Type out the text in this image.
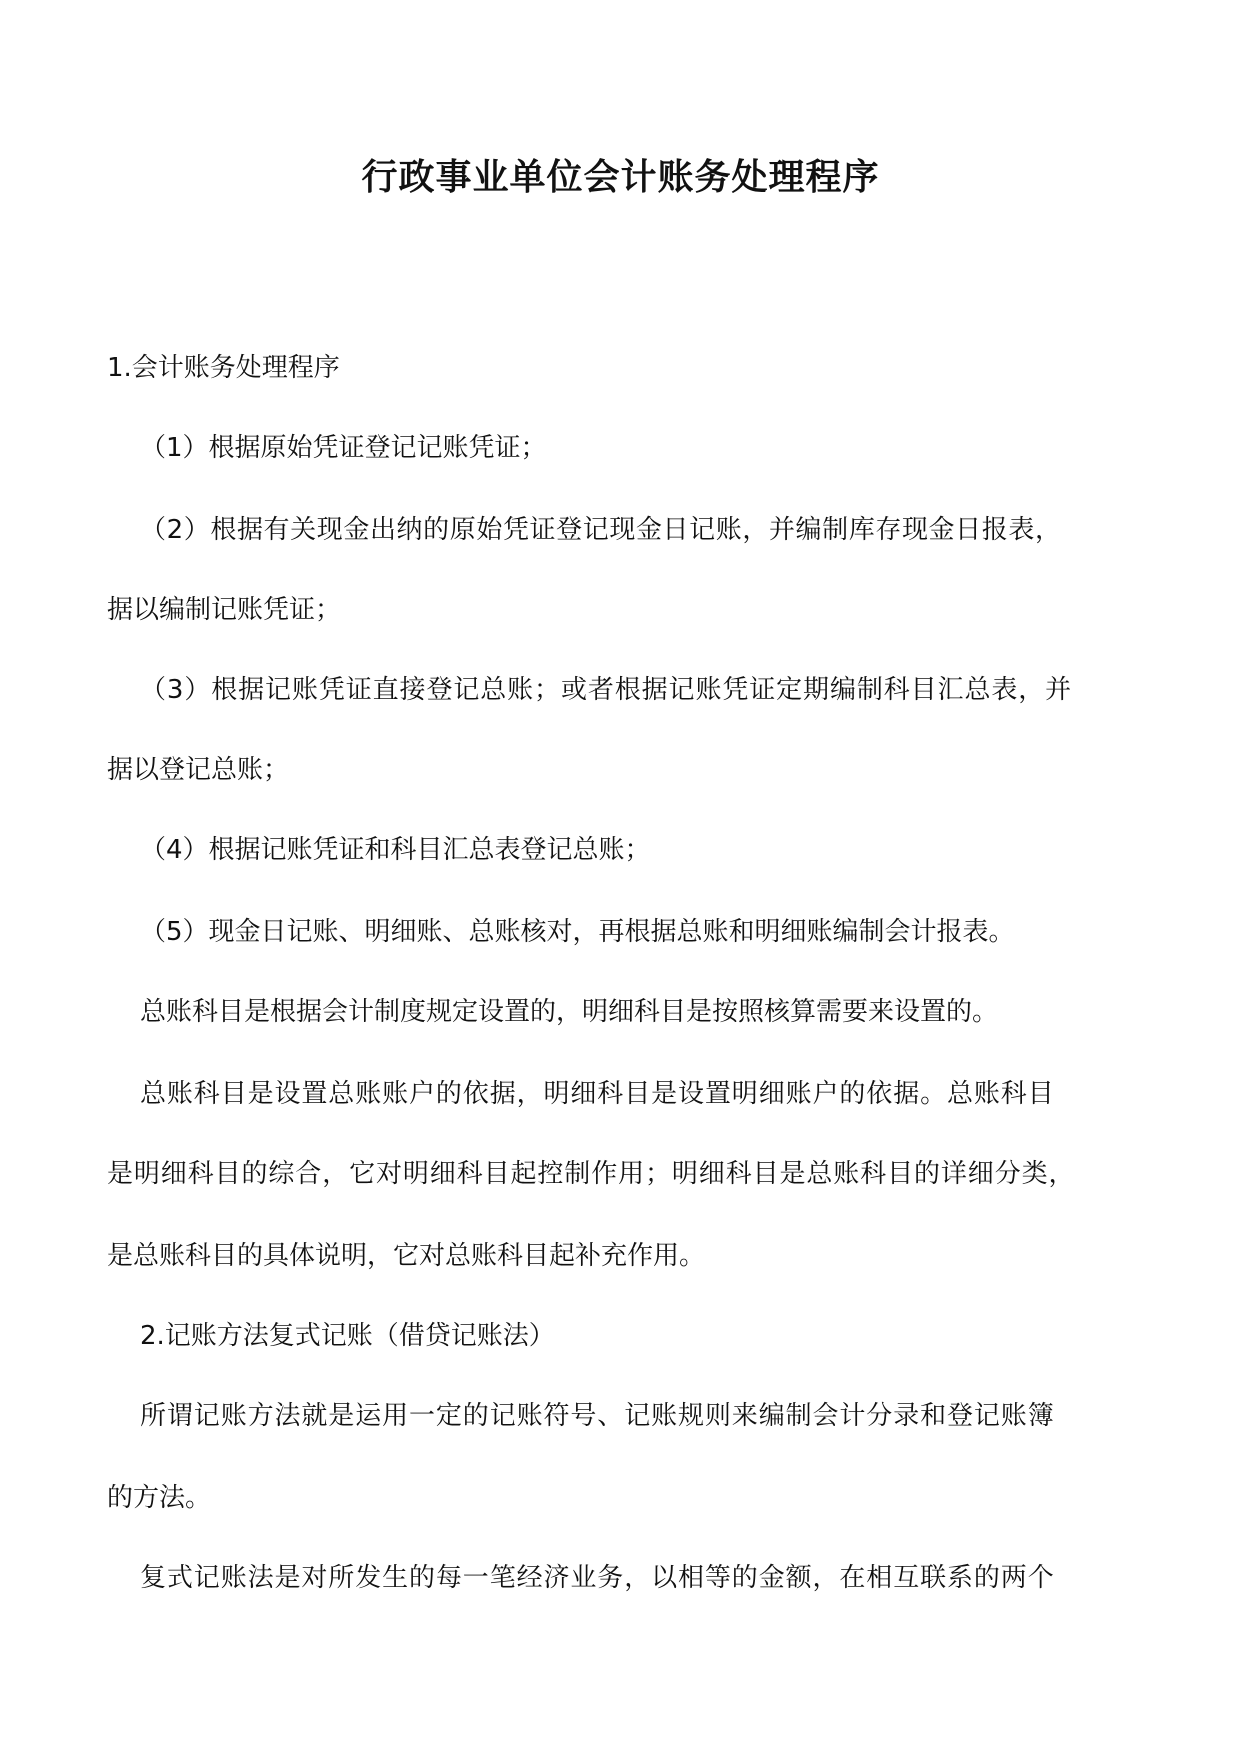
行政事业单位会计账务处理程序
1.会计账务处理程序
（1）根据原始凭证登记记账凭证；
（2）根据有关现金出纳的原始凭证登记现金日记账，并编制库存现金日报表，
据以编制记账凭证；
（3）根据记账凭证直接登记总账；或者根据记账凭证定期编制科目汇总表，并
据以登记总账；
（4）根据记账凭证和科目汇总表登记总账；
（5）现金日记账、明细账、总账核对，再根据总账和明细账编制会计报表。
总账科目是根据会计制度规定设置的，明细科目是按照核算需要来设置的。
总账科目是设置总账账户的依据，明细科目是设置明细账户的依据。总账科目
是明细科目的综合，它对明细科目起控制作用；明细科目是总账科目的详细分类，
是总账科目的具体说明，它对总账科目起补充作用。
2.记账方法复式记账（借贷记账法）
所谓记账方法就是运用一定的记账符号、记账规则来编制会计分录和登记账簿
的方法。
复式记账法是对所发生的每一笔经济业务，以相等的金额，在相互联系的两个
